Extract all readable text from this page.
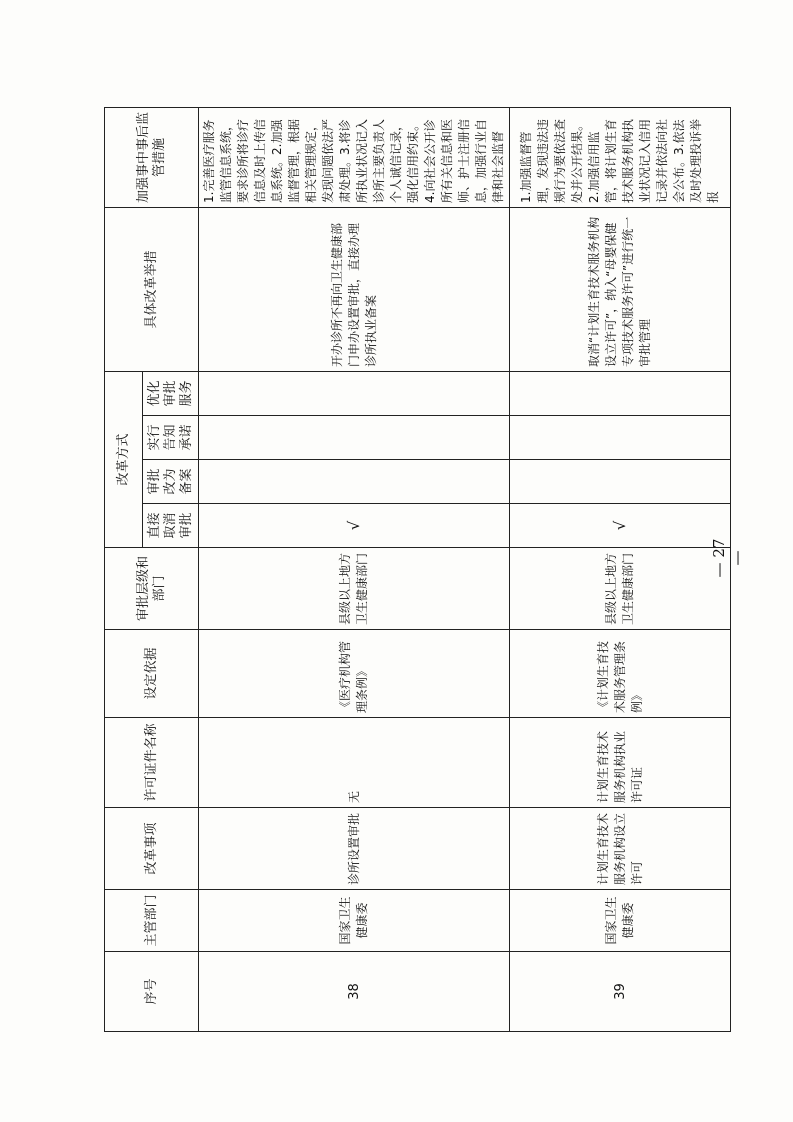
序号	主管部门	改革事项	许可证件名称	设定依据	审批层级和部门	改革方式				具体改革举措	加强事中事后监管措施
						直接取消审批	审批改为备案	实行告知承诺	优化审批服务		
38	国家卫生健康委	诊所设置审批	无	《医疗机构管理条例》	县级以上地方卫生健康部门	√				开办诊所不再向卫生健康部门申办设置审批，直接办理诊所执业备案	1.完善医疗服务监管信息系统，要求诊所将诊疗信息及时上传信息系统。2.加强监督管理，根据相关管理规定，发现问题依法严肃处理。3.将诊所执业状况记入诊所主要负责人个人诚信记录，强化信用约束。4.向社会公开诊所有关信息和医师、护士注册信息，加强行业自律和社会监督
39	国家卫生健康委	计划生育技术服务机构设立许可	计划生育技术服务机构执业许可证	《计划生育技术服务管理条例》	县级以上地方卫生健康部门	√				取消“计划生育技术服务机构设立许可”，纳入“母婴保健专项技术服务许可”进行统一审批管理	1.加强监督管理，发现违法违规行为要依法查处并公开结果。2.加强信用监管，将计划生育技术服务机构执业状况记入信用记录并依法向社会公布。3.依法及时处理投诉举报
— 27 —
